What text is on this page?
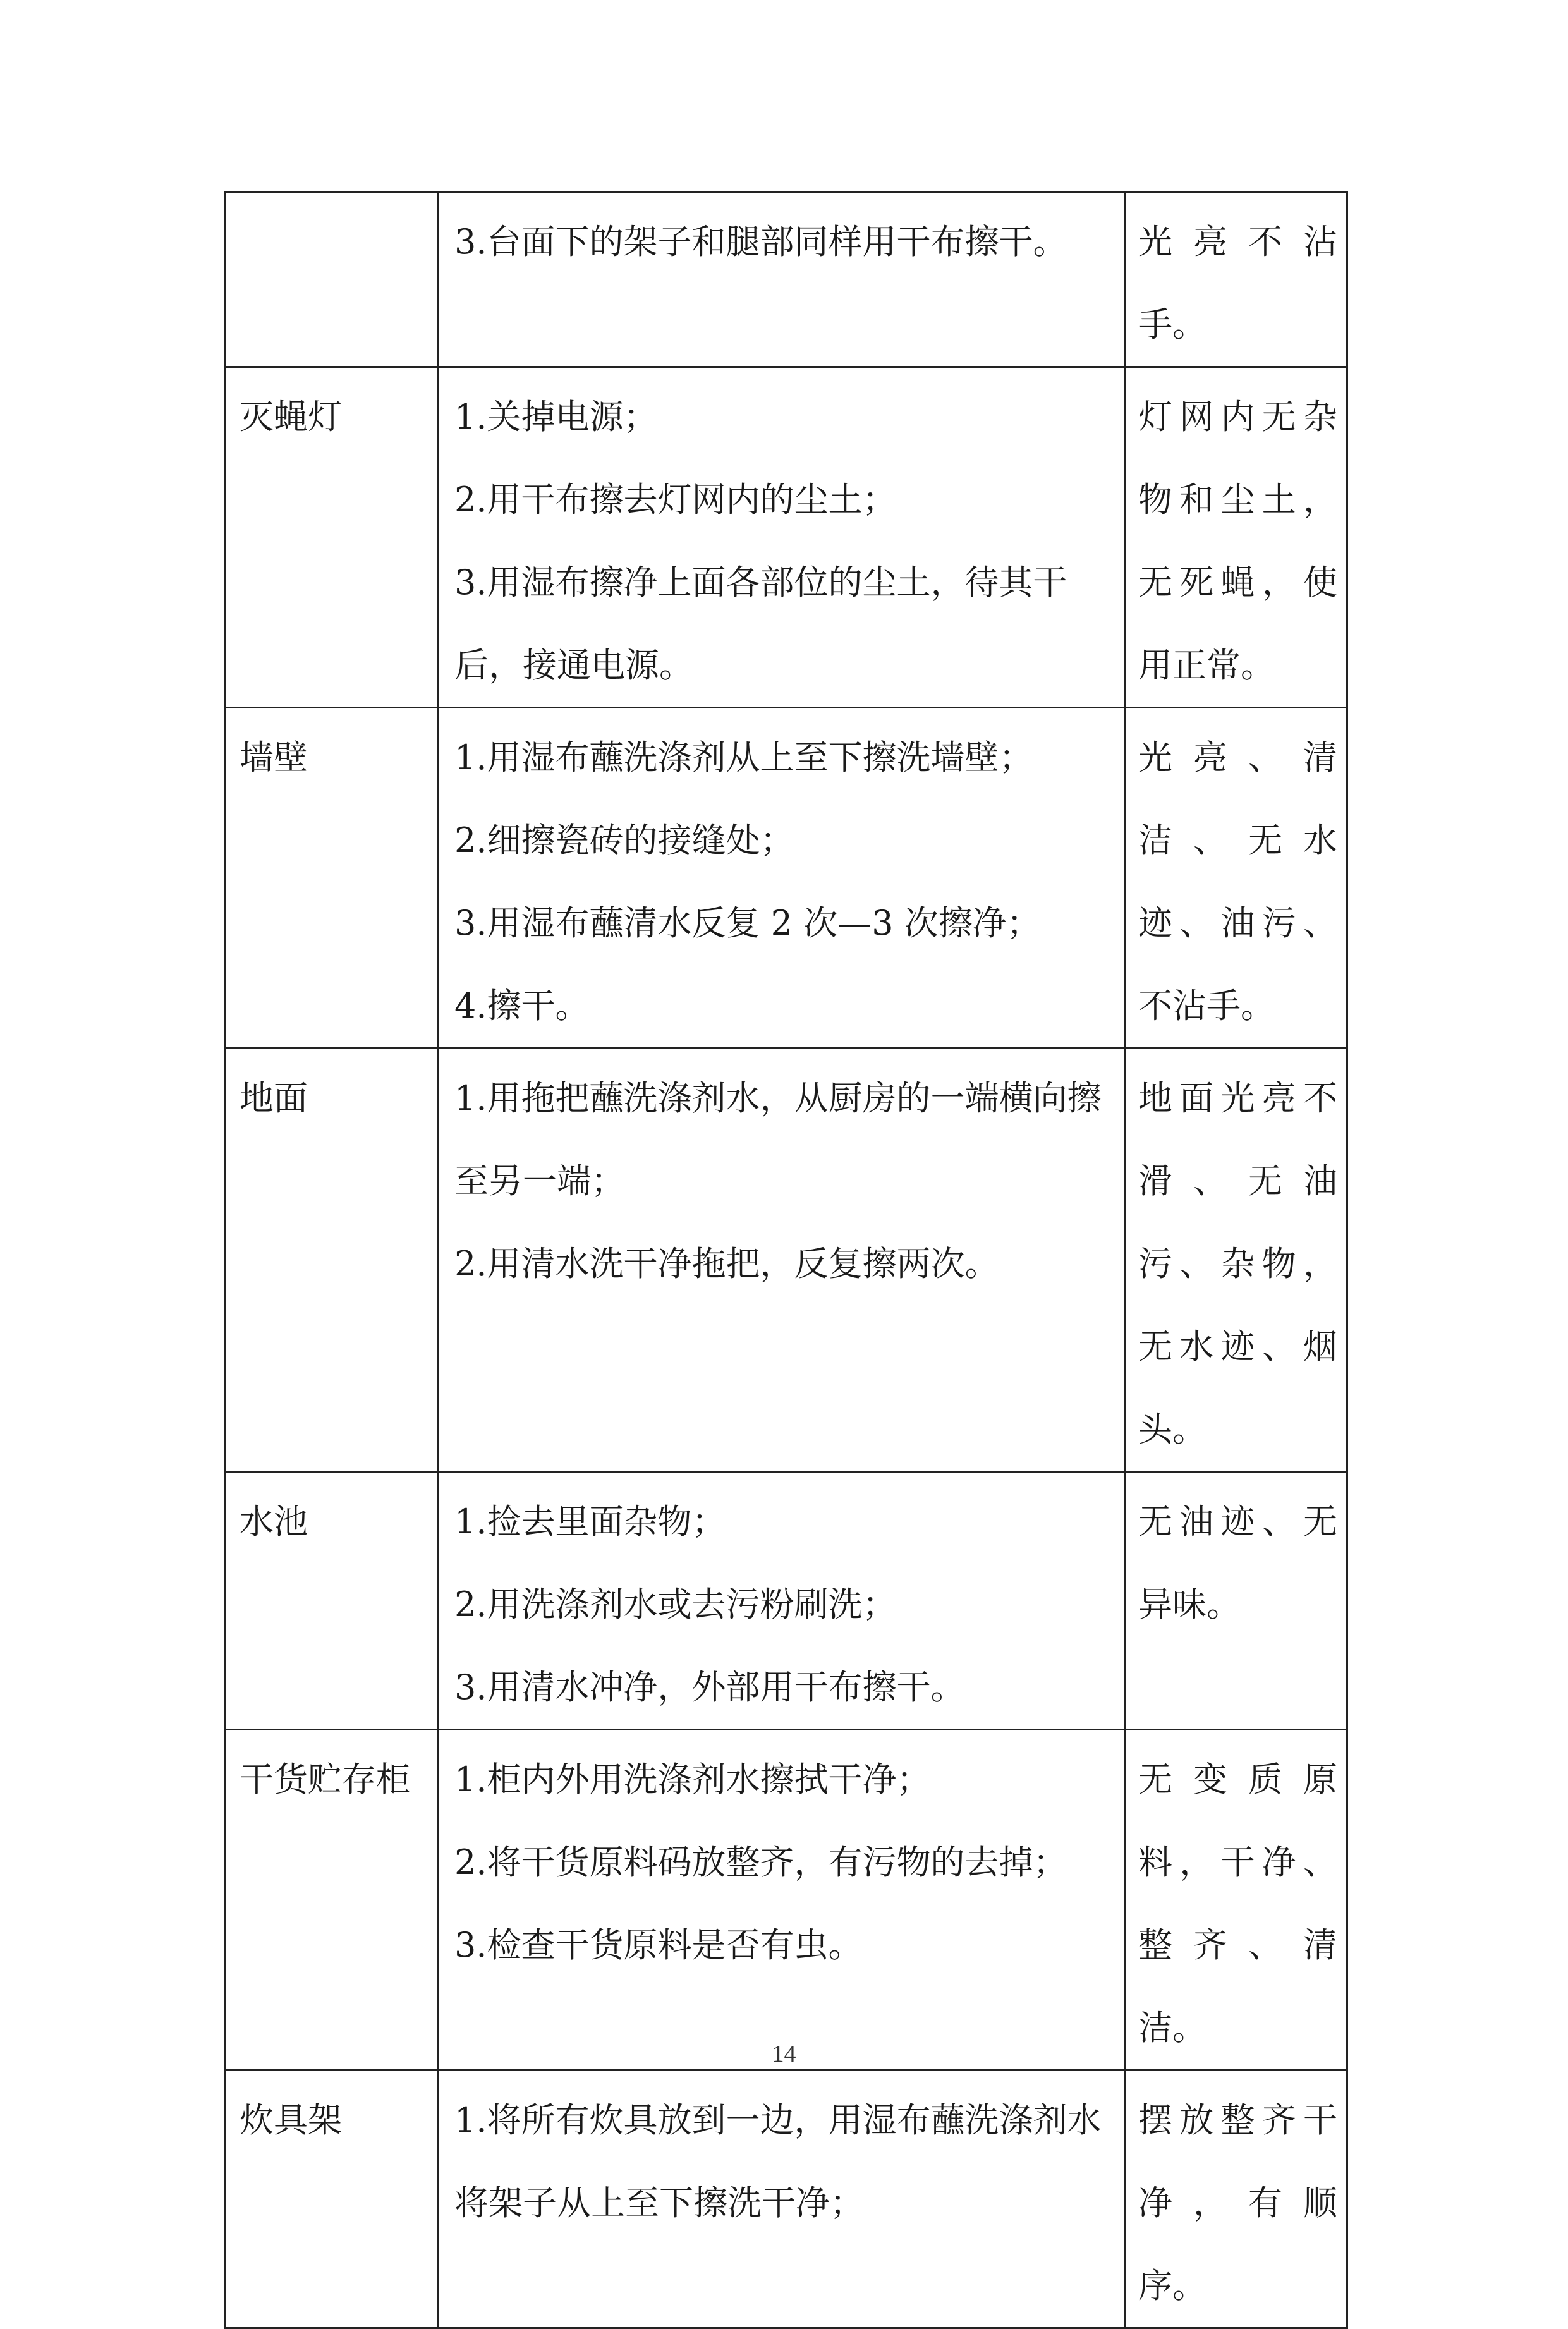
	3.台面下的架子和腿部同样用干布擦干。	光亮不沾手。
灭蝇灯	1.关掉电源；
2.用干布擦去灯网内的尘土；
3.用湿布擦净上面各部位的尘土，待其干后，接通电源。	灯网内无杂物和尘土，无死蝇，使用正常。
墙壁	1.用湿布蘸洗涤剂从上至下擦洗墙壁；
2.细擦瓷砖的接缝处；
3.用湿布蘸清水反复 2 次—3 次擦净；
4.擦干。	光亮、清洁、无水迹、油污、不沾手。
地面	1.用拖把蘸洗涤剂水，从厨房的一端横向擦至另一端；
2.用清水洗干净拖把，反复擦两次。	地面光亮不滑、无油污、杂物，无水迹、烟头。
水池	1.捡去里面杂物；
2.用洗涤剂水或去污粉刷洗；
3.用清水冲净，外部用干布擦干。	无油迹、无异味。
干货贮存柜	1.柜内外用洗涤剂水擦拭干净；
2.将干货原料码放整齐，有污物的去掉；
3.检查干货原料是否有虫。	无变质原料，干净、整齐、清洁。
炊具架	1.将所有炊具放到一边，用湿布蘸洗涤剂水将架子从上至下擦洗干净；	摆放整齐干净，有顺序。
14
